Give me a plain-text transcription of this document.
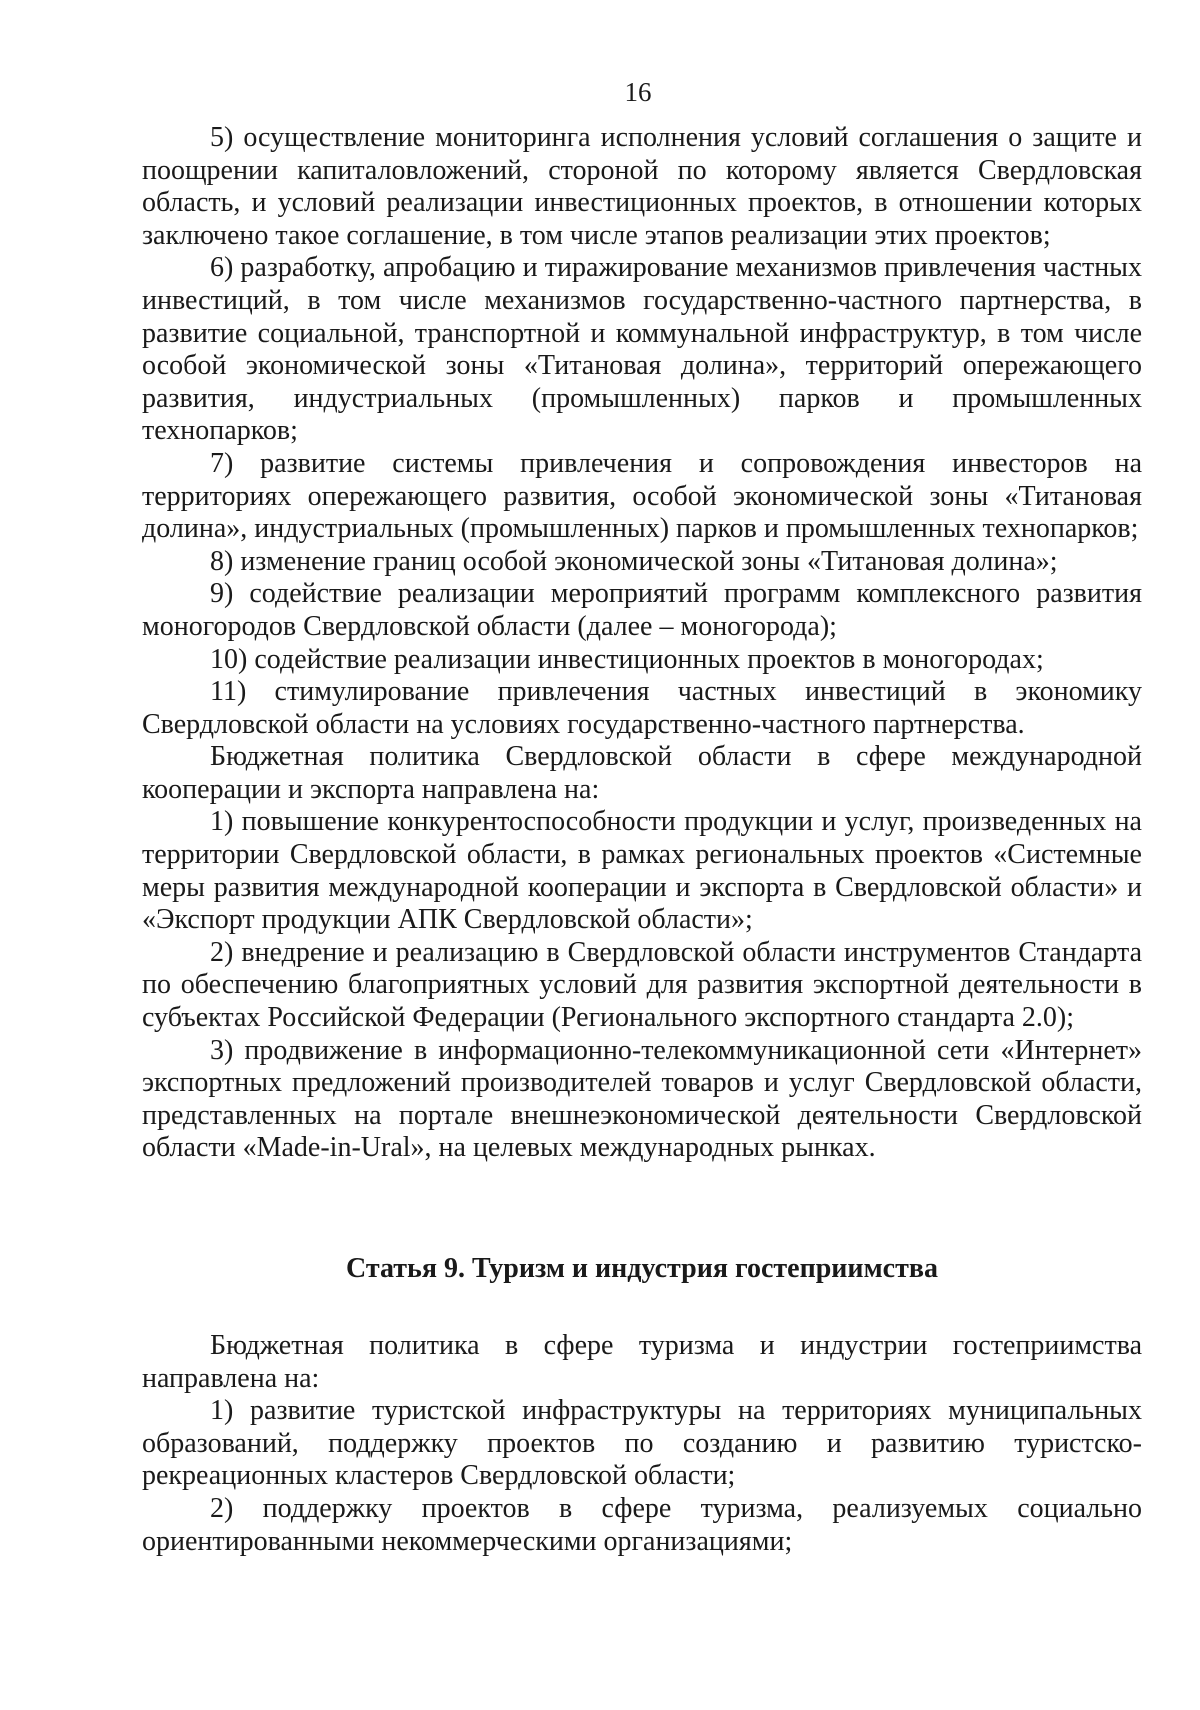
16

5) осуществление мониторинга исполнения условий соглашения о защите и поощрении капиталовложений, стороной по которому является Свердловская область, и условий реализации инвестиционных проектов, в отношении которых заключено такое соглашение, в том числе этапов реализации этих проектов;

6) разработку, апробацию и тиражирование механизмов привлечения частных инвестиций, в том числе механизмов государственно-частного партнерства, в развитие социальной, транспортной и коммунальной инфраструктур, в том числе особой экономической зоны «Титановая долина», территорий опережающего развития, индустриальных (промышленных) парков и промышленных технопарков;

7) развитие системы привлечения и сопровождения инвесторов на территориях опережающего развития, особой экономической зоны «Титановая долина», индустриальных (промышленных) парков и промышленных технопарков;

8) изменение границ особой экономической зоны «Титановая долина»;

9) содействие реализации мероприятий программ комплексного развития моногородов Свердловской области (далее – моногорода);

10) содействие реализации инвестиционных проектов в моногородах;

11) стимулирование привлечения частных инвестиций в экономику Свердловской области на условиях государственно-частного партнерства.

Бюджетная политика Свердловской области в сфере международной кооперации и экспорта направлена на:

1) повышение конкурентоспособности продукции и услуг, произведенных на территории Свердловской области, в рамках региональных проектов «Системные меры развития международной кооперации и экспорта в Свердловской области» и «Экспорт продукции АПК Свердловской области»;

2) внедрение и реализацию в Свердловской области инструментов Стандарта по обеспечению благоприятных условий для развития экспортной деятельности в субъектах Российской Федерации (Регионального экспортного стандарта 2.0);

3) продвижение в информационно-телекоммуникационной сети «Интернет» экспортных предложений производителей товаров и услуг Свердловской области, представленных на портале внешнеэкономической деятельности Свердловской области «Made-in-Ural», на целевых международных рынках.

Статья 9. Туризм и индустрия гостеприимства

Бюджетная политика в сфере туризма и индустрии гостеприимства направлена на:

1) развитие туристской инфраструктуры на территориях муниципальных образований, поддержку проектов по созданию и развитию туристско-рекреационных кластеров Свердловской области;

2) поддержку проектов в сфере туризма, реализуемых социально ориентированными некоммерческими организациями;
